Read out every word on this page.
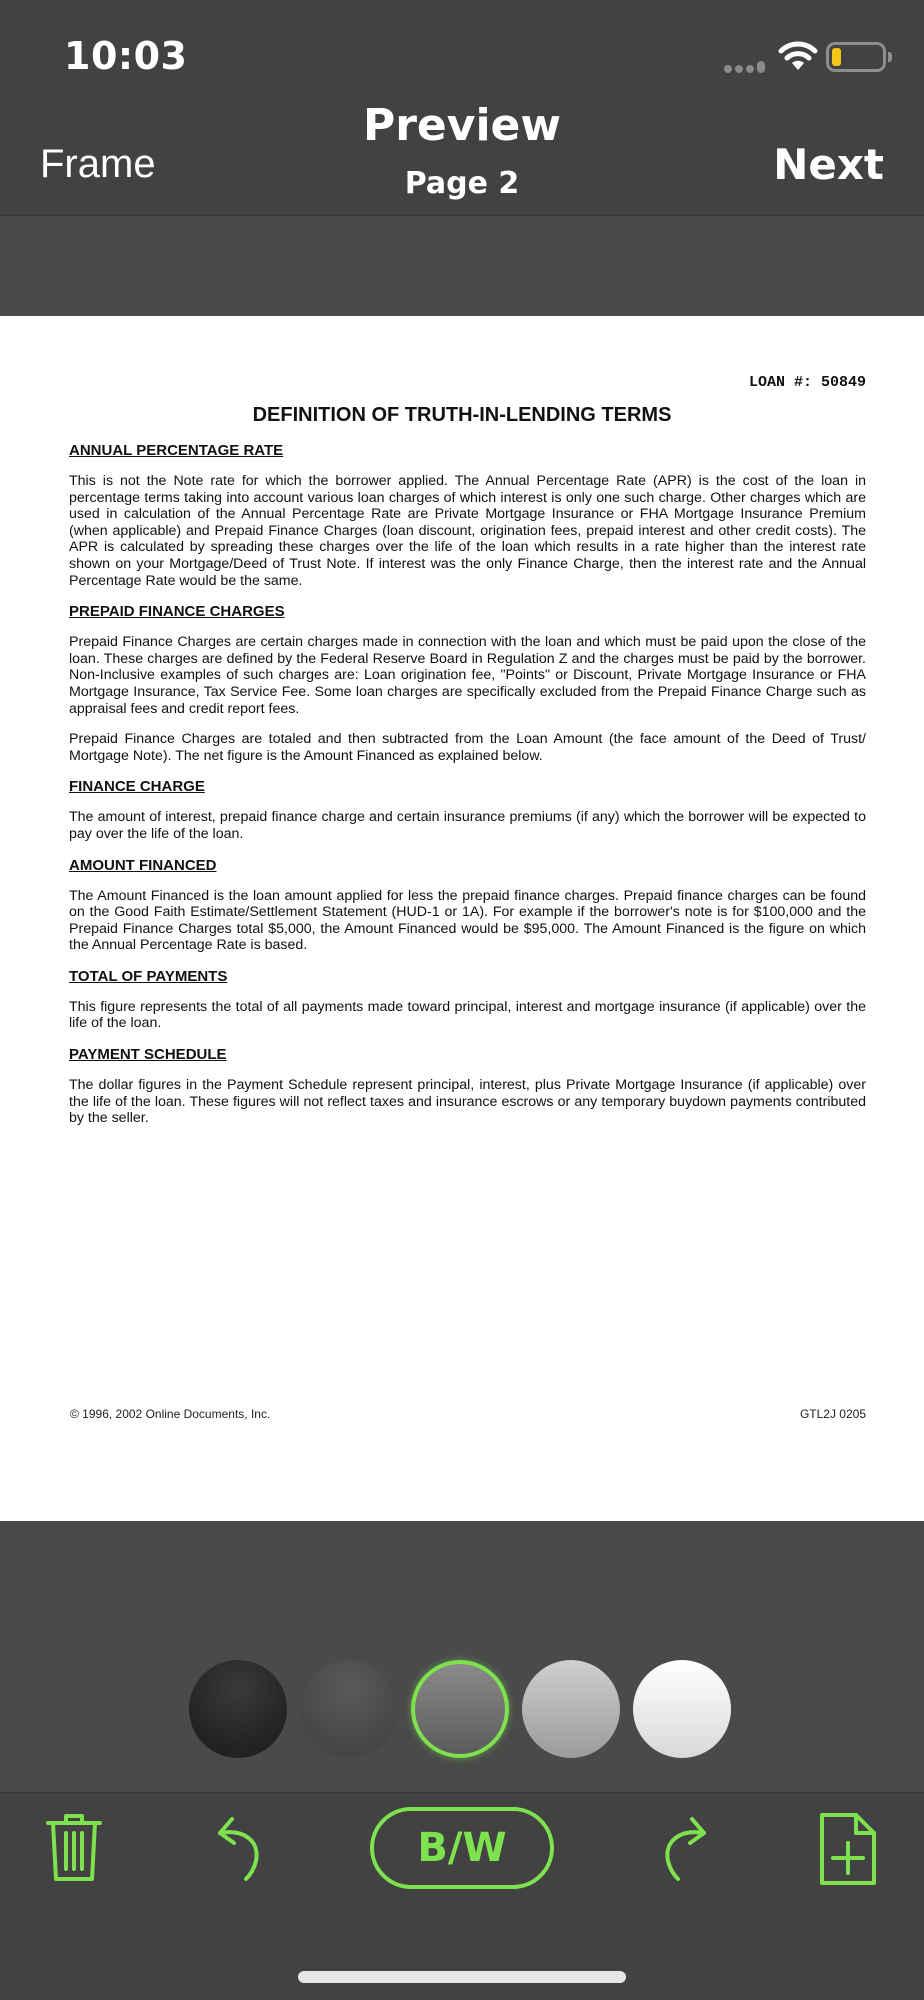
10:03
Frame
Preview
Page 2	Next
LOAN #: 50849
DEFINITION OF TRUTH-IN-LENDING TERMS
ANNUAL PERCENTAGE RATE

This is not the Note rate for which the borrower applied. The Annual Percentage Rate (APR) is the cost of the loan in percentage terms taking into account various loan charges of which interest is only one such charge. Other charges which are used in calculation of the Annual Percentage Rate are Private Mortgage Insurance or FHA Mortgage Insurance Premium (when applicable) and Prepaid Finance Charges (loan discount, origination fees, prepaid interest and other credit costs). The APR is calculated by spreading these charges over the life of the loan which results in a rate higher than the interest rate shown on your Mortgage/Deed of Trust Note. If interest was the only Finance Charge, then the interest rate and the Annual Percentage Rate would be the same.

PREPAID FINANCE CHARGES

Prepaid Finance Charges are certain charges made in connection with the loan and which must be paid upon the close of the loan. These charges are defined by the Federal Reserve Board in Regulation Z and the charges must be paid by the borrower. Non-Inclusive examples of such charges are: Loan origination fee, "Points" or Discount, Private Mortgage Insurance or FHA Mortgage Insurance, Tax Service Fee. Some loan charges are specifically excluded from the Prepaid Finance Charge such as appraisal fees and credit report fees.

Prepaid Finance Charges are totaled and then subtracted from the Loan Amount (the face amount of the Deed of Trust/ Mortgage Note). The net figure is the Amount Financed as explained below.

FINANCE CHARGE

The amount of interest, prepaid finance charge and certain insurance premiums (if any) which the borrower will be expected to pay over the life of the loan.

AMOUNT FINANCED

The Amount Financed is the loan amount applied for less the prepaid finance charges. Prepaid finance charges can be found on the Good Faith Estimate/Settlement Statement (HUD-1 or 1A). For example if the borrower's note is for $100,000 and the Prepaid Finance Charges total $5,000, the Amount Financed would be $95,000. The Amount Financed is the figure on which the Annual Percentage Rate is based.

TOTAL OF PAYMENTS

This figure represents the total of all payments made toward principal, interest and mortgage insurance (if applicable) over the life of the loan.

PAYMENT SCHEDULE

The dollar figures in the Payment Schedule represent principal, interest, plus Private Mortgage Insurance (if applicable) over the life of the loan. These figures will not reflect taxes and insurance escrows or any temporary buydown payments contributed by the seller.

© 1996, 2002 Online Documents, Inc.	GTL2J 0205
B/W
